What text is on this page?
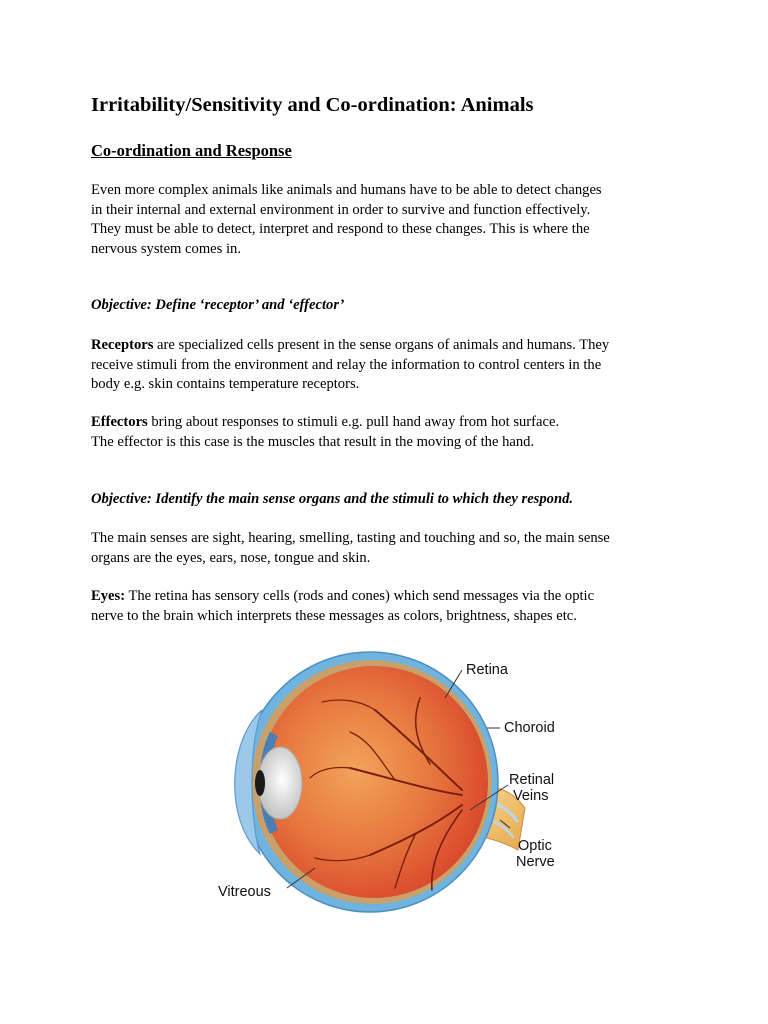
Irritability/Sensitivity and Co-ordination: Animals
Co-ordination and Response

Even more complex animals like animals and humans have to be able to detect changes
in their internal and external environment in order to survive and function effectively.
They must be able to detect, interpret and respond to these changes. This is where the
nervous system comes in.

Objective: Define ‘receptor’ and ‘effector’

Receptors are specialized cells present in the sense organs of animals and humans. They
receive stimuli from the environment and relay the information to control centers in the
body e.g. skin contains temperature receptors.

Effectors bring about responses to stimuli e.g. pull hand away from hot surface.
The effector is this case is the muscles that result in the moving of the hand.

Objective: Identify the main sense organs and the stimuli to which they respond.

The main senses are sight, hearing, smelling, tasting and touching and so, the main sense
organs are the eyes, ears, nose, tongue and skin.

Eyes: The retina has sensory cells (rods and cones) which send messages via the optic
nerve to the brain which interprets these messages as colors, brightness, shapes etc.

Retina
Choroid
Retinal
Veins
Optic
Nerve
Vitreous
